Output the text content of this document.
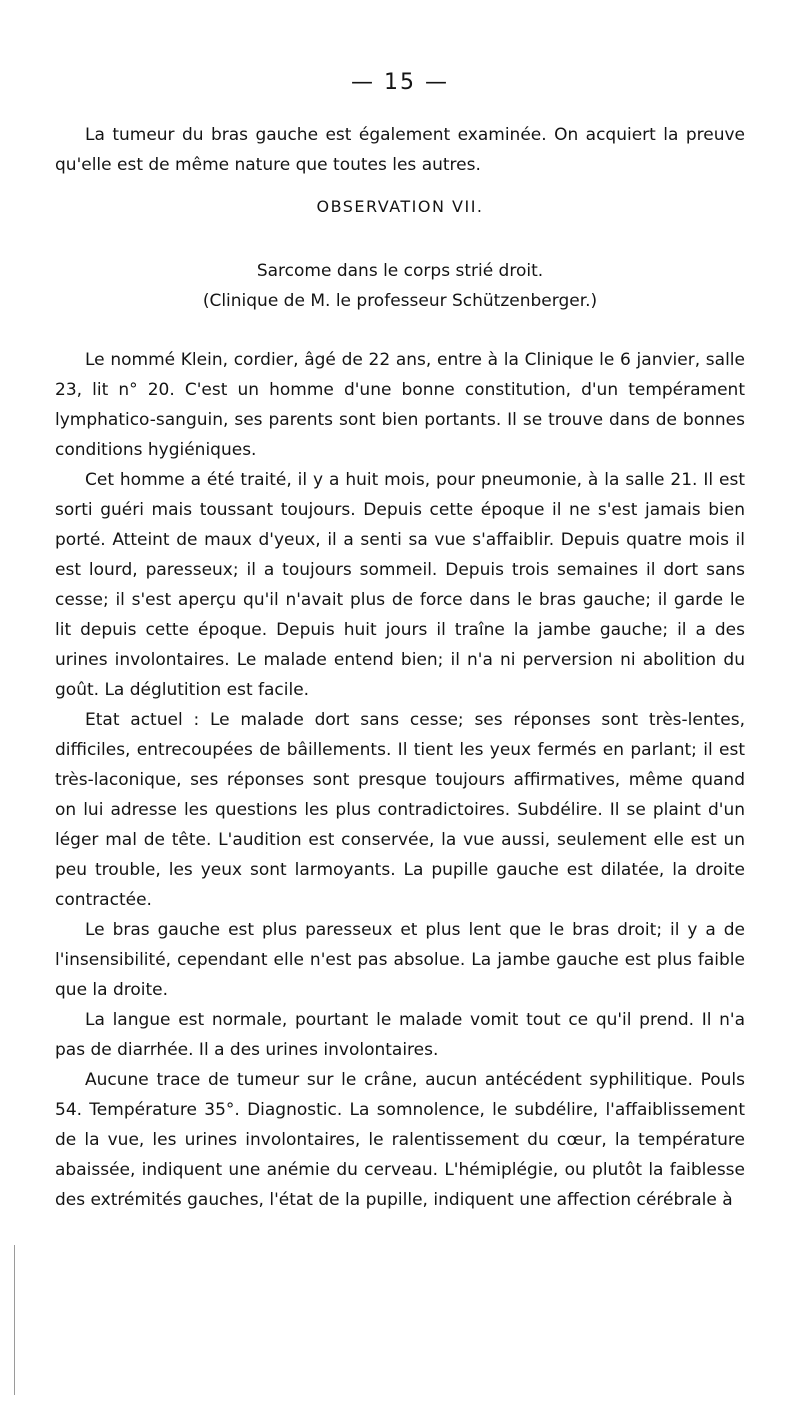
— 15 —

La tumeur du bras gauche est également examinée. On acquiert la preuve qu'elle est de même nature que toutes les autres.

OBSERVATION VII.
Sarcome dans le corps strié droit.
(Clinique de M. le professeur Schützenberger.)

Le nommé Klein, cordier, âgé de 22 ans, entre à la Clinique le 6 janvier, salle 23, lit n° 20. C'est un homme d'une bonne constitution, d'un tempérament lymphatico-sanguin, ses parents sont bien portants. Il se trouve dans de bonnes conditions hygiéniques.

Cet homme a été traité, il y a huit mois, pour pneumonie, à la salle 21. Il est sorti guéri mais toussant toujours. Depuis cette époque il ne s'est jamais bien porté. Atteint de maux d'yeux, il a senti sa vue s'affaiblir. Depuis quatre mois il est lourd, paresseux; il a toujours sommeil. Depuis trois semaines il dort sans cesse; il s'est aperçu qu'il n'avait plus de force dans le bras gauche; il garde le lit depuis cette époque. Depuis huit jours il traîne la jambe gauche; il a des urines involontaires. Le malade entend bien; il n'a ni perversion ni abolition du goût. La déglutition est facile.

Etat actuel : Le malade dort sans cesse; ses réponses sont très-lentes, difficiles, entrecoupées de bâillements. Il tient les yeux fermés en parlant; il est très-laconique, ses réponses sont presque toujours affirmatives, même quand on lui adresse les questions les plus contradictoires. Subdélire. Il se plaint d'un léger mal de tête. L'audition est conservée, la vue aussi, seulement elle est un peu trouble, les yeux sont larmoyants. La pupille gauche est dilatée, la droite contractée.

Le bras gauche est plus paresseux et plus lent que le bras droit; il y a de l'insensibilité, cependant elle n'est pas absolue. La jambe gauche est plus faible que la droite.

La langue est normale, pourtant le malade vomit tout ce qu'il prend. Il n'a pas de diarrhée. Il a des urines involontaires.

Aucune trace de tumeur sur le crâne, aucun antécédent syphilitique. Pouls 54. Température 35°. Diagnostic. La somnolence, le subdélire, l'affaiblissement de la vue, les urines involontaires, le ralentissement du cœur, la température abaissée, indiquent une anémie du cerveau. L'hémiplégie, ou plutôt la faiblesse des extrémités gauches, l'état de la pupille, indiquent une affection cérébrale à
